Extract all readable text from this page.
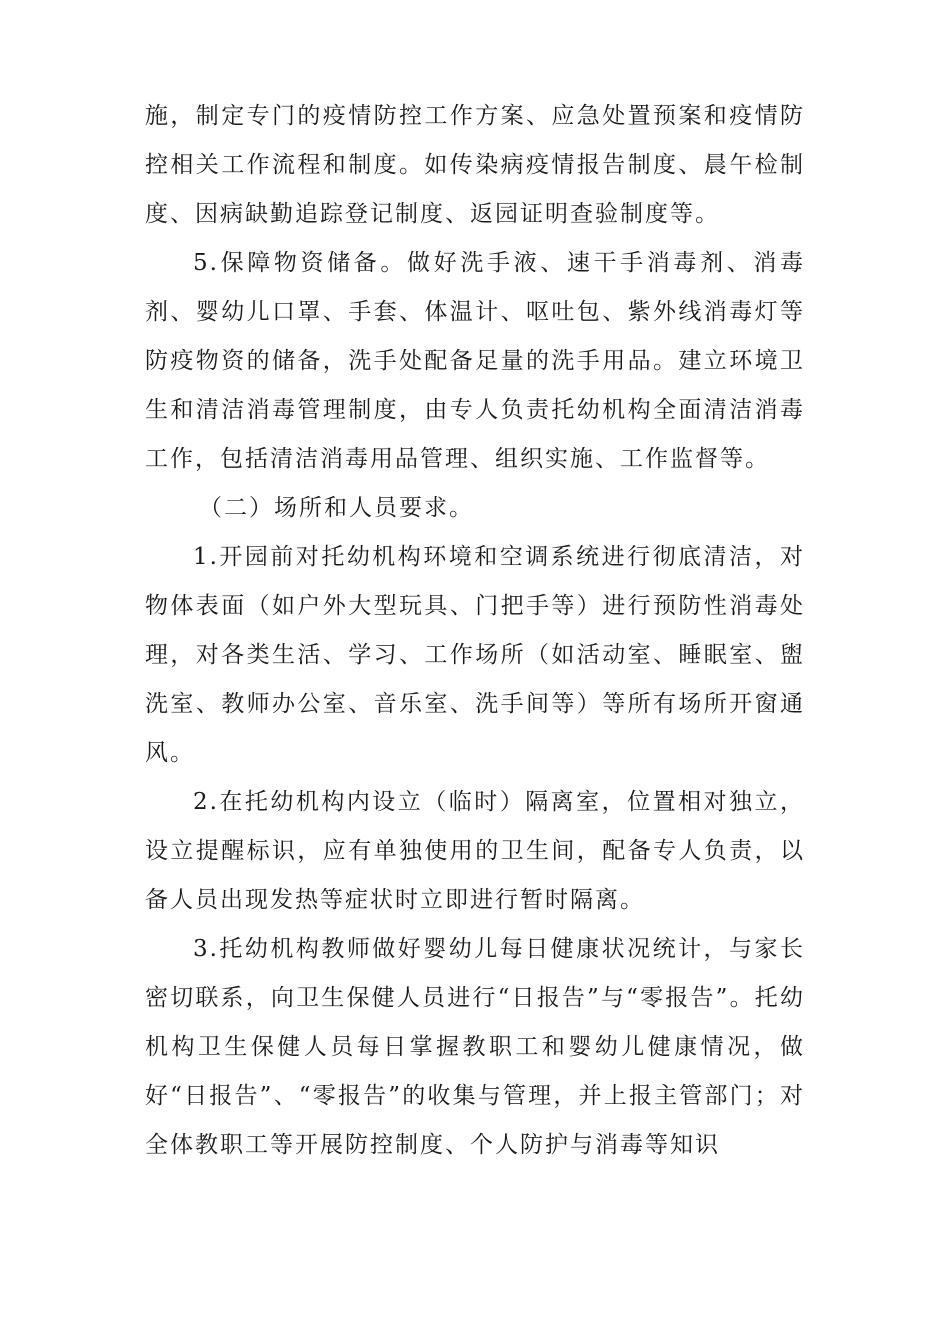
施，制定专门的疫情防控工作方案、应急处置预案和疫情防控相关工作流程和制度。如传染病疫情报告制度、晨午检制度、因病缺勤追踪登记制度、返园证明查验制度等。

5.保障物资储备。做好洗手液、速干手消毒剂、消毒剂、婴幼儿口罩、手套、体温计、呕吐包、紫外线消毒灯等防疫物资的储备，洗手处配备足量的洗手用品。建立环境卫生和清洁消毒管理制度，由专人负责托幼机构全面清洁消毒工作，包括清洁消毒用品管理、组织实施、工作监督等。

（二）场所和人员要求。

1.开园前对托幼机构环境和空调系统进行彻底清洁，对物体表面（如户外大型玩具、门把手等）进行预防性消毒处理，对各类生活、学习、工作场所（如活动室、睡眠室、盥洗室、教师办公室、音乐室、洗手间等）等所有场所开窗通风。

2.在托幼机构内设立（临时）隔离室，位置相对独立，设立提醒标识，应有单独使用的卫生间，配备专人负责，以备人员出现发热等症状时立即进行暂时隔离。

3.托幼机构教师做好婴幼儿每日健康状况统计，与家长密切联系，向卫生保健人员进行“日报告”与“零报告”。托幼机构卫生保健人员每日掌握教职工和婴幼儿健康情况，做好“日报告”、“零报告”的收集与管理，并上报主管部门；对全体教职工等开展防控制度、个人防护与消毒等知识
